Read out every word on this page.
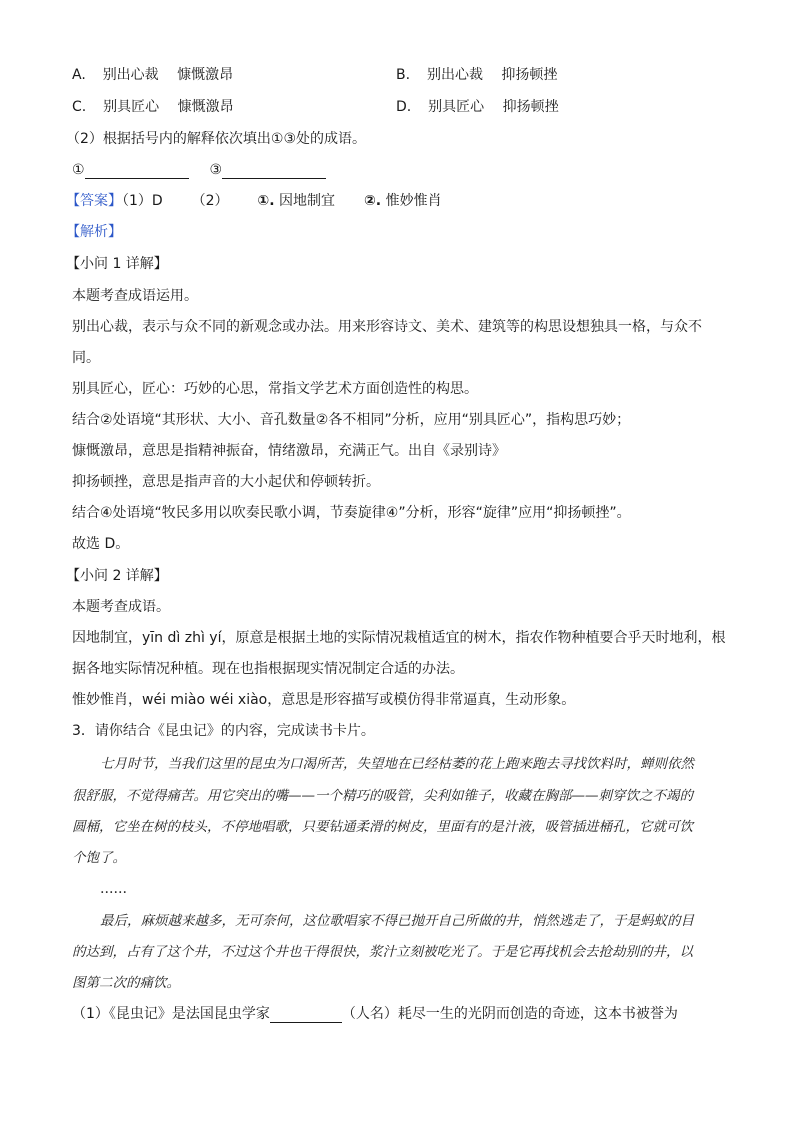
A. 别出心裁　 慷慨激昂	B. 别出心裁　 抑扬顿挫
C. 别具匠心　 慷慨激昂	D. 别具匠心　 抑扬顿挫
（2）根据括号内的解释依次填出①③处的成语。
①	③
【答案】（1）D （2） ①. 因地制宜 ②. 惟妙惟肖
【解析】
【小问 1 详解】
本题考查成语运用。
别出心裁，表示与众不同的新观念或办法。用来形容诗文、美术、建筑等的构思设想独具一格，与众不
同。
别具匠心，匠心：巧妙的心思，常指文学艺术方面创造性的构思。
结合②处语境“其形状、大小、音孔数量②各不相同”分析，应用“别具匠心”，指构思巧妙；
慷慨激昂，意思是指精神振奋，情绪激昂，充满正气。出自《录别诗》
抑扬顿挫，意思是指声音的大小起伏和停顿转折。
结合④处语境“牧民多用以吹奏民歌小调，节奏旋律④”分析，形容“旋律”应用“抑扬顿挫”。
故选 D。
【小问 2 详解】
本题考查成语。
因地制宜，yīn dì zhì yí，原意是根据土地的实际情况栽植适宜的树木，指农作物种植要合乎天时地利，根
据各地实际情况种植。现在也指根据现实情况制定合适的办法。
惟妙惟肖，wéi miào wéi xiào，意思是形容描写或模仿得非常逼真，生动形象。
3．请你结合《昆虫记》的内容，完成读书卡片。
七月时节，当我们这里的昆虫为口渴所苦，失望地在已经枯萎的花上跑来跑去寻找饮料时，蝉则依然
很舒服，不觉得痛苦。用它突出的嘴——一个精巧的吸管，尖利如锥子，收藏在胸部——刺穿饮之不竭的
圆桶，它坐在树的枝头，不停地唱歌，只要钻通柔滑的树皮，里面有的是汁液，吸管插进桶孔，它就可饮
个饱了。
……
最后，麻烦越来越多，无可奈何，这位歌唱家不得已抛开自己所做的井，悄然逃走了，于是蚂蚁的目
的达到，占有了这个井，不过这个井也干得很快，浆汁立刻被吃光了。于是它再找机会去抢劫别的井，以
图第二次的痛饮。
（1）《昆虫记》是法国昆虫学家	（人名）耗尽一生的光阴而创造的奇迹，这本书被誉为
